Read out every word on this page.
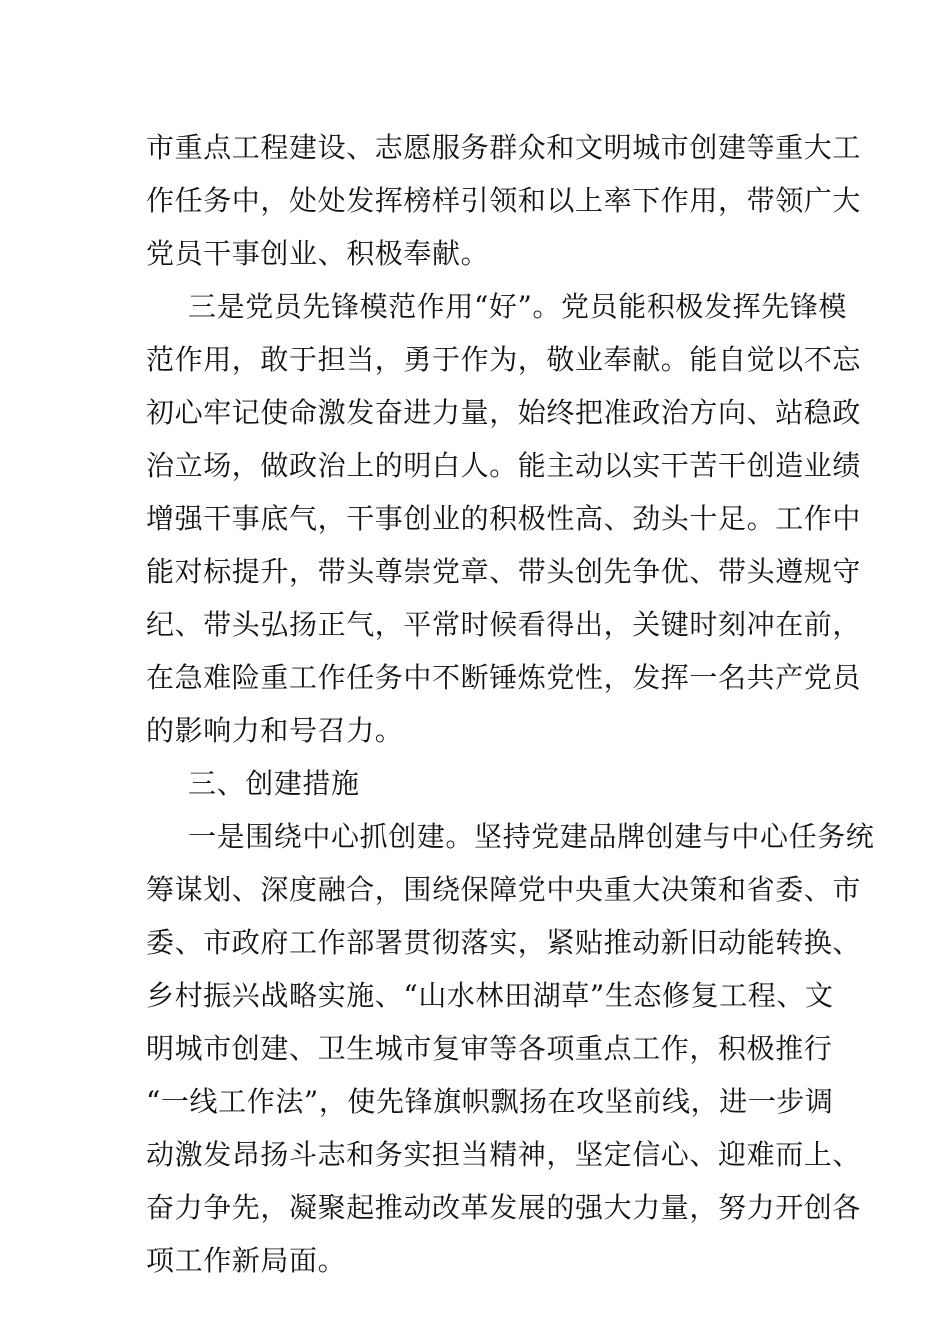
市重点工程建设、志愿服务群众和文明城市创建等重大工
作任务中，处处发挥榜样引领和以上率下作用，带领广大
党员干事创业、积极奉献。
三是党员先锋模范作用“好”。党员能积极发挥先锋模
范作用，敢于担当，勇于作为，敬业奉献。能自觉以不忘
初心牢记使命激发奋进力量，始终把准政治方向、站稳政
治立场，做政治上的明白人。能主动以实干苦干创造业绩
增强干事底气，干事创业的积极性高、劲头十足。工作中
能对标提升，带头尊崇党章、带头创先争优、带头遵规守
纪、带头弘扬正气，平常时候看得出，关键时刻冲在前，
在急难险重工作任务中不断锤炼党性，发挥一名共产党员
的影响力和号召力。
三、创建措施
一是围绕中心抓创建。坚持党建品牌创建与中心任务统
筹谋划、深度融合，围绕保障党中央重大决策和省委、市
委、市政府工作部署贯彻落实，紧贴推动新旧动能转换、
乡村振兴战略实施、“山水林田湖草”生态修复工程、文
明城市创建、卫生城市复审等各项重点工作，积极推行
“一线工作法”，使先锋旗帜飘扬在攻坚前线，进一步调
动激发昂扬斗志和务实担当精神，坚定信心、迎难而上、
奋力争先，凝聚起推动改革发展的强大力量，努力开创各
项工作新局面。
